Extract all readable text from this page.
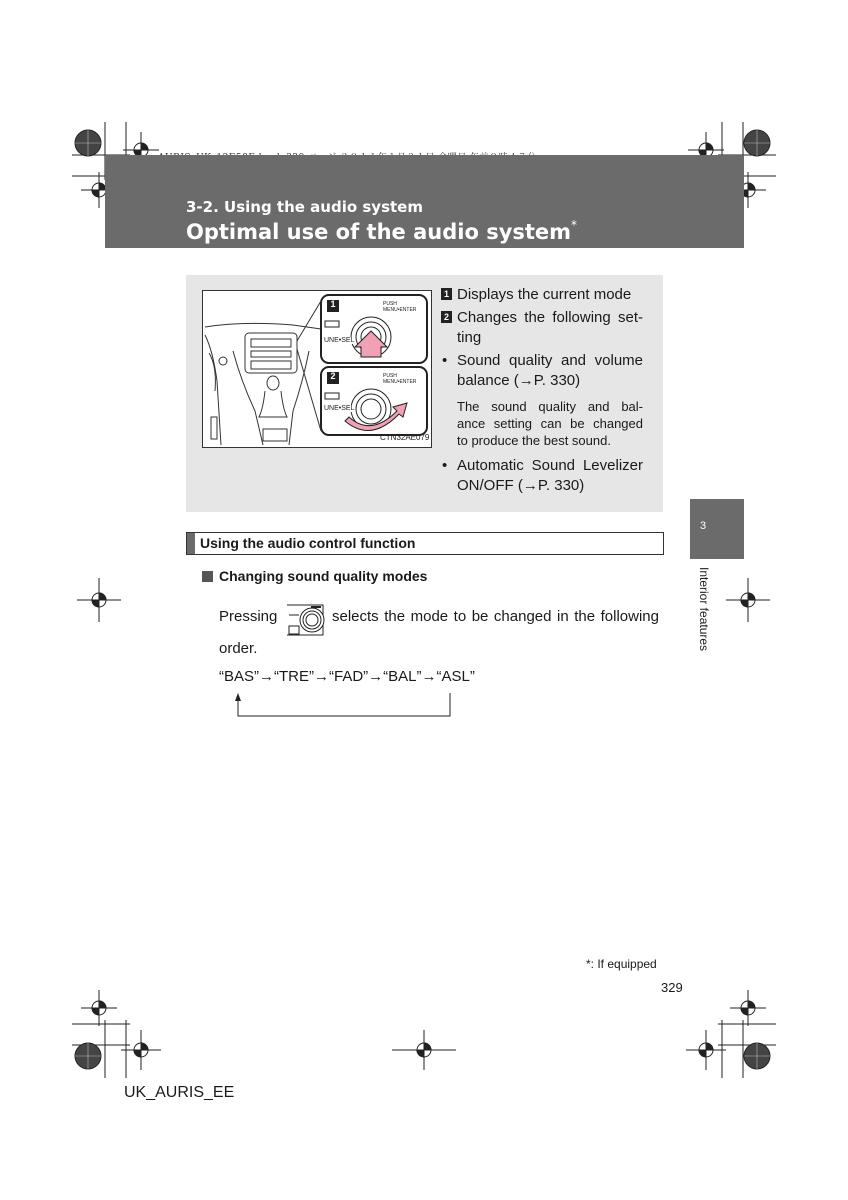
3-2. Using the audio system
Optimal use of the audio system*
1
2
PUSH MENU•ENTER
PUSH MENU•ENTER
UNE•SEL
UNE•SEL
CTN32AE079
1 Displays the current mode
2 Changes the following set-
ting
• Sound quality and volume
balance (→P. 330)
The sound quality and bal-
ance setting can be changed
to produce the best sound.
• Automatic Sound Levelizer
ON/OFF (→P. 330)
Using the audio control function
3
Interior features
Changing sound quality modes
Pressing	selects the mode to be changed in the following
order.
“BAS”→“TRE”→“FAD”→“BAL”→“ASL”
*: If equipped
329
UK_AURIS_EE
